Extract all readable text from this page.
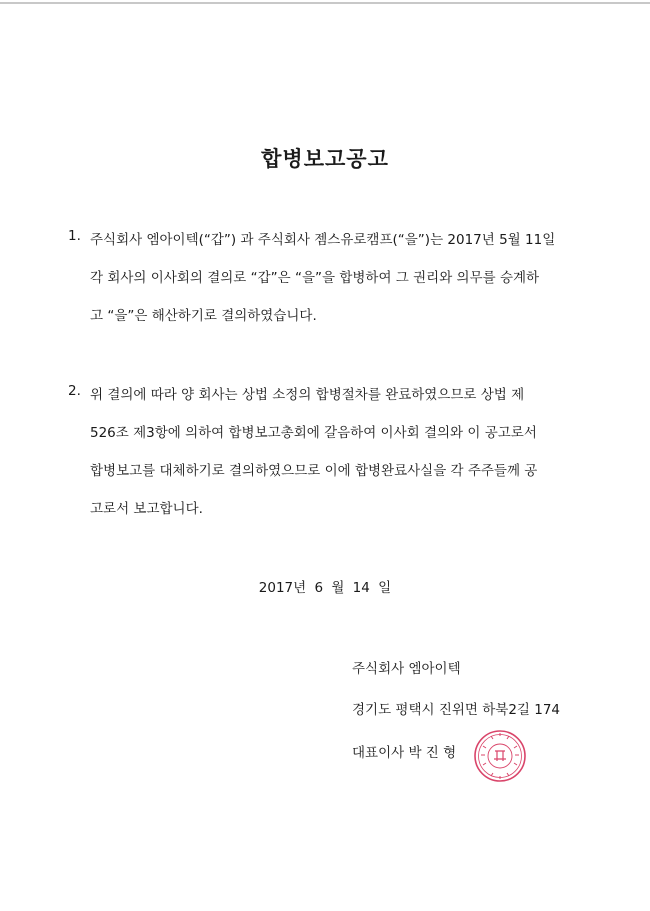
합병보고공고
1. 주식회사 엠아이텍(“갑”) 과 주식회사 젬스유로캠프(“을”)는 2017년 5월 11일
각 회사의 이사회의 결의로 “갑”은 “을”을 합병하여 그 권리와 의무를 승계하
고 “을”은 해산하기로 결의하였습니다.
2. 위 결의에 따라 양 회사는 상법 소정의 합병절차를 완료하였으므로 상법 제
526조 제3항에 의하여 합병보고총회에 갈음하여 이사회 결의와 이 공고로서
합병보고를 대체하기로 결의하였으므로 이에 합병완료사실을 각 주주들께 공
고로서 보고합니다.
2017년 6 월 14 일
주식회사 엠아이텍
경기도 평택시 진위면 하북2길 174
대표이사 박 진 형
